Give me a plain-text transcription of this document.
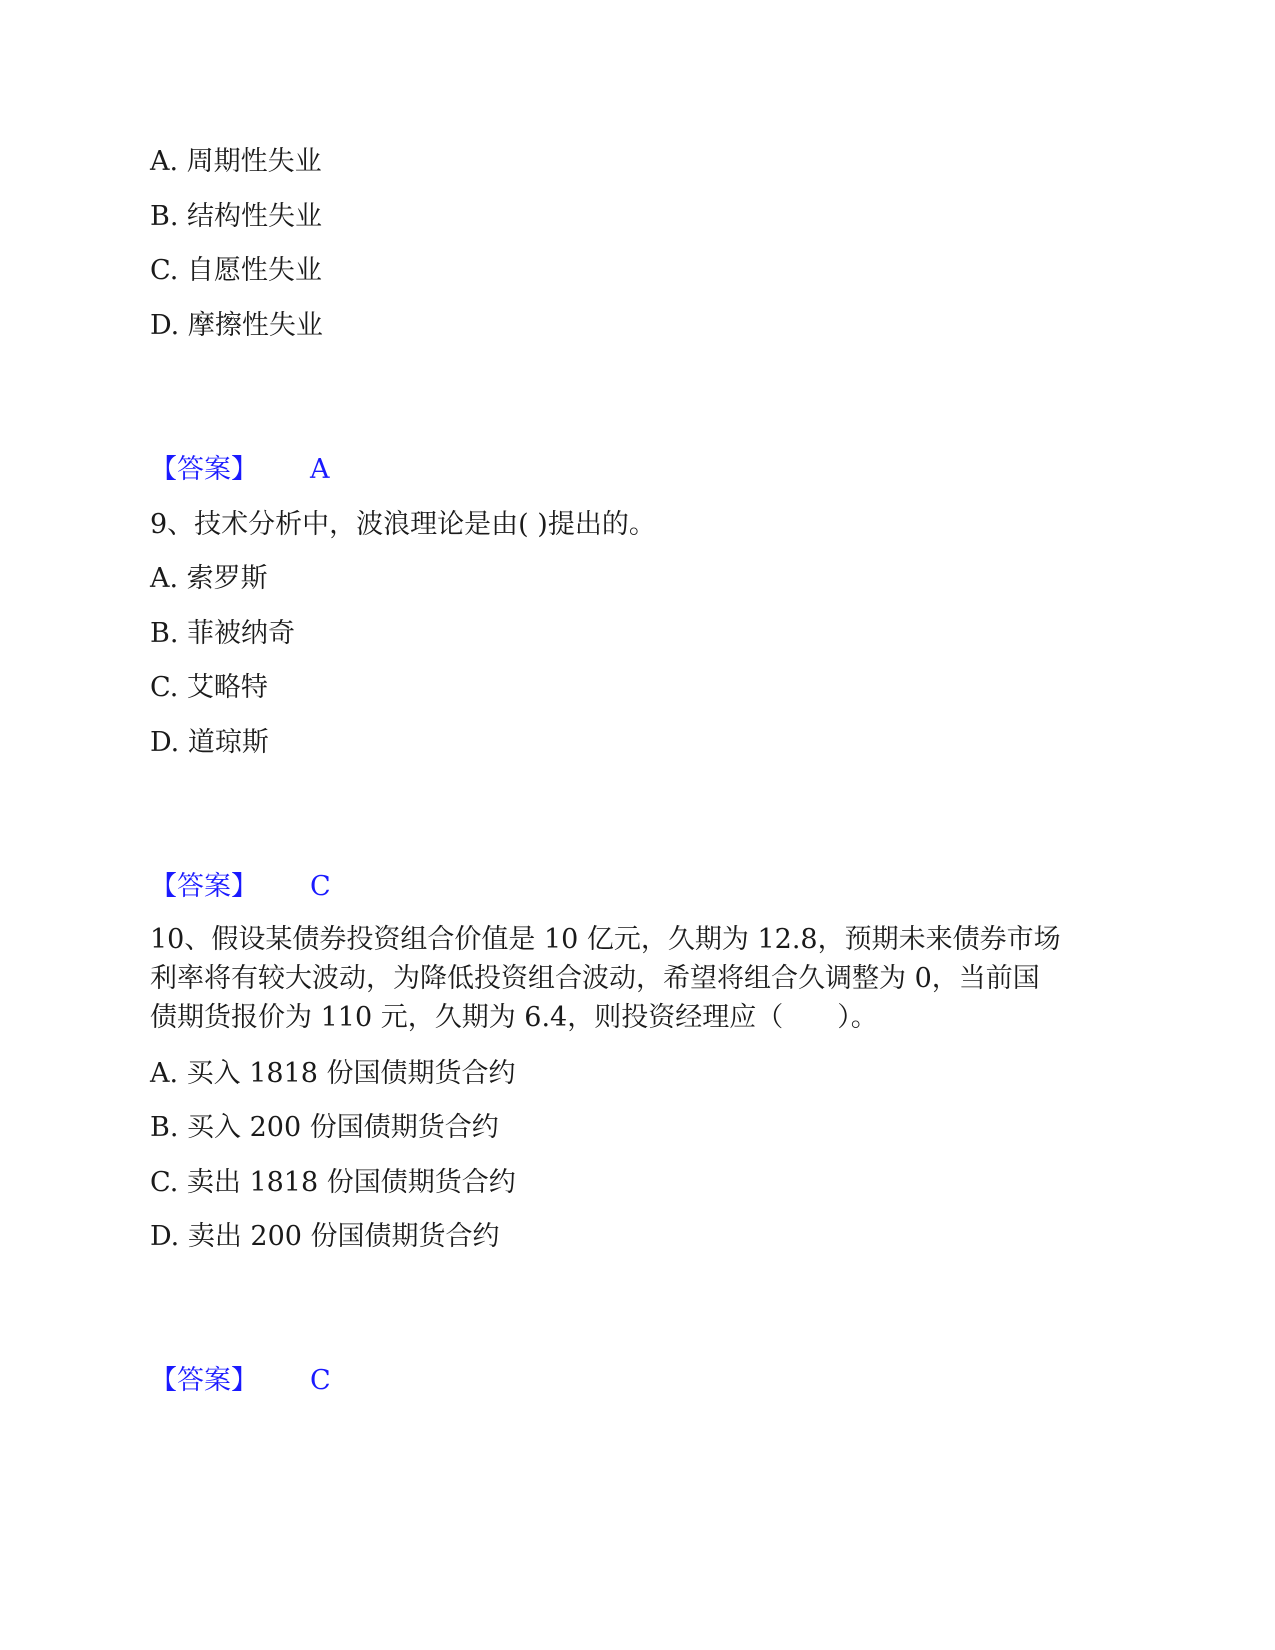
A. 周期性失业
B. 结构性失业
C. 自愿性失业
D. 摩擦性失业
【答案】 A
9、技术分析中，波浪理论是由( )提出的。
A. 索罗斯
B. 菲被纳奇
C. 艾略特
D. 道琼斯
【答案】 C
10、假设某债券投资组合价值是 10 亿元，久期为 12.8，预期未来债券市场
利率将有较大波动，为降低投资组合波动，希望将组合久调整为 0，当前国
债期货报价为 110 元，久期为 6.4，则投资经理应（　　）。
A. 买入 1818 份国债期货合约
B. 买入 200 份国债期货合约
C. 卖出 1818 份国债期货合约
D. 卖出 200 份国债期货合约
【答案】 C
